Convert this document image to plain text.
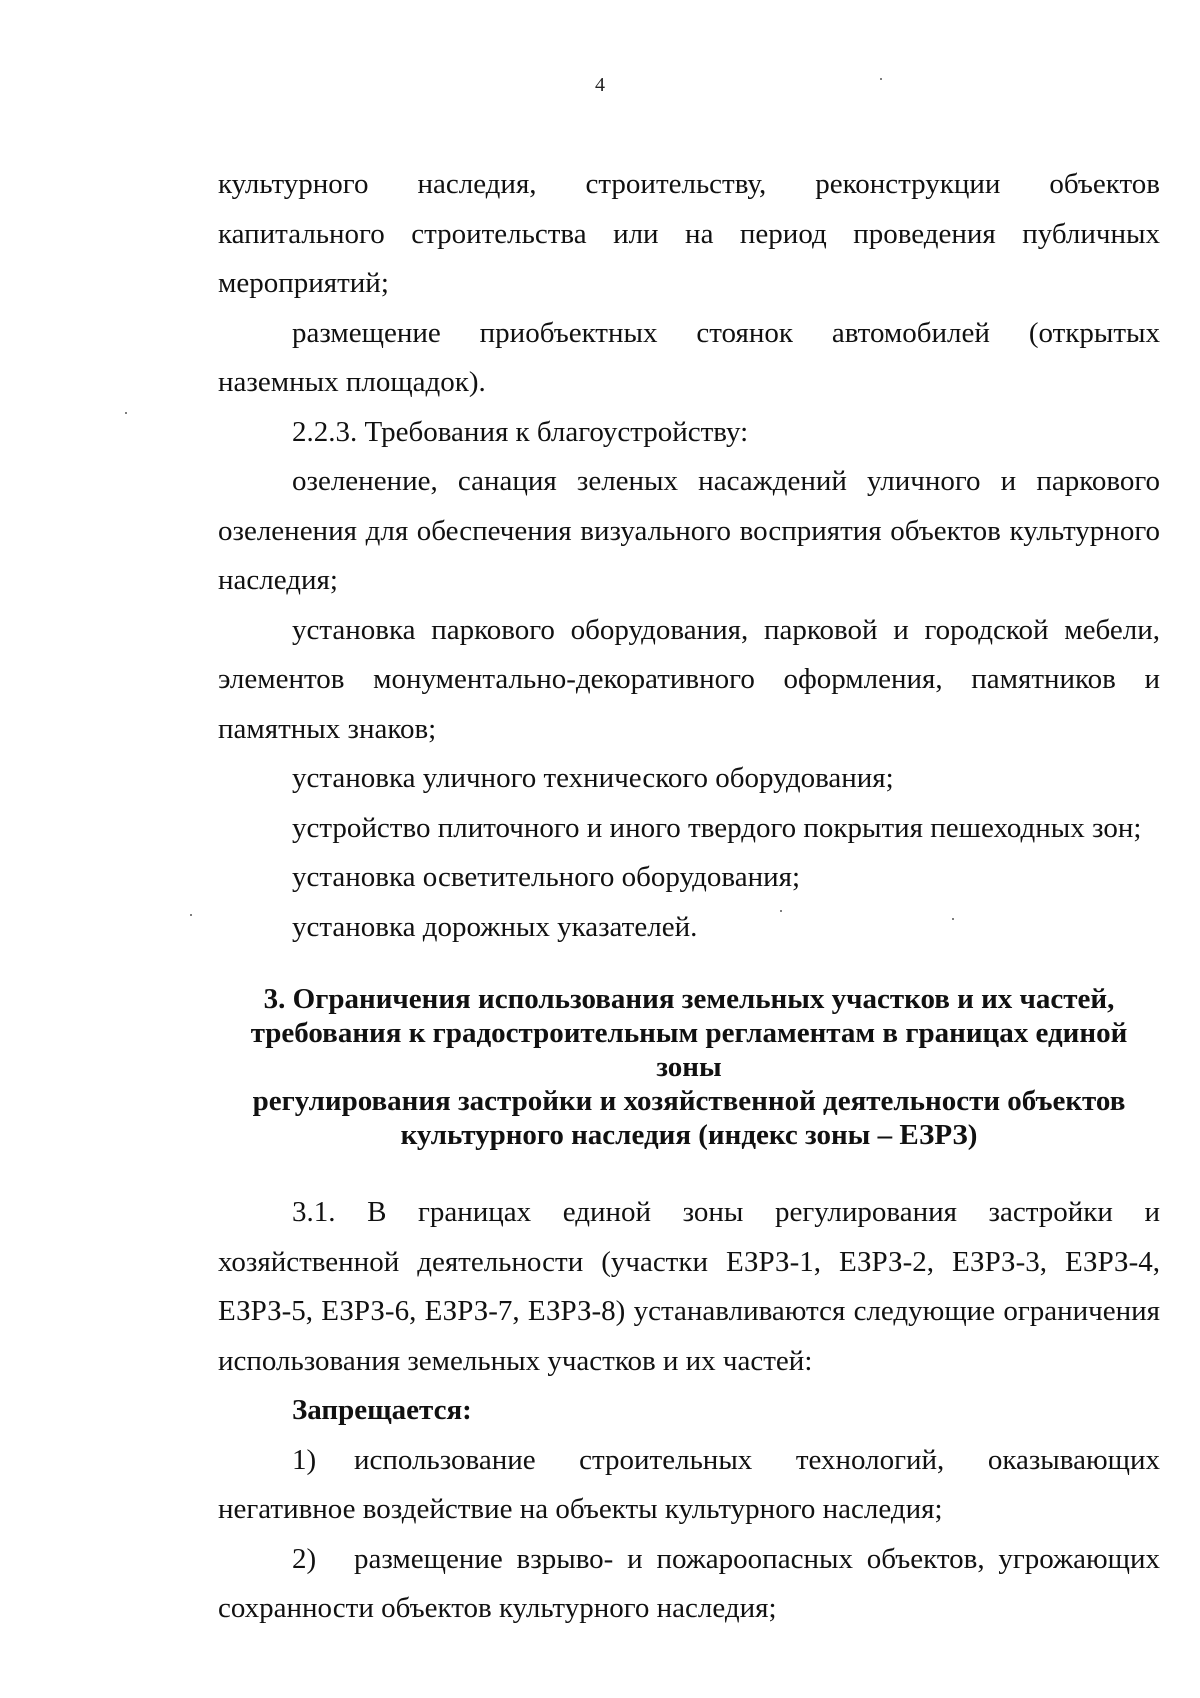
4

культурного наследия, строительству, реконструкции объектов капитального строительства или на период проведения публичных мероприятий;

размещение приобъектных стоянок автомобилей (открытых наземных площадок).

2.2.3. Требования к благоустройству:

озеленение, санация зеленых насаждений уличного и паркового озеленения для обеспечения визуального восприятия объектов культурного наследия;

установка паркового оборудования, парковой и городской мебели, элементов монументально-декоративного оформления, памятников и памятных знаков;

установка уличного технического оборудования;

устройство плиточного и иного твердого покрытия пешеходных зон;

установка осветительного оборудования;

установка дорожных указателей.

3. Ограничения использования земельных участков и их частей,
требования к градостроительным регламентам в границах единой зоны
регулирования застройки и хозяйственной деятельности объектов
культурного наследия (индекс зоны – ЕЗРЗ)

3.1. В границах единой зоны регулирования застройки и хозяйственной деятельности (участки ЕЗРЗ-1, ЕЗРЗ-2, ЕЗРЗ-3, ЕЗРЗ-4, ЕЗРЗ-5, ЕЗРЗ-6, ЕЗРЗ-7, ЕЗРЗ-8) устанавливаются следующие ограничения использования земельных участков и их частей:

Запрещается:

1) использование строительных технологий, оказывающих негативное воздействие на объекты культурного наследия;

2) размещение взрыво- и пожароопасных объектов, угрожающих сохранности объектов культурного наследия;
